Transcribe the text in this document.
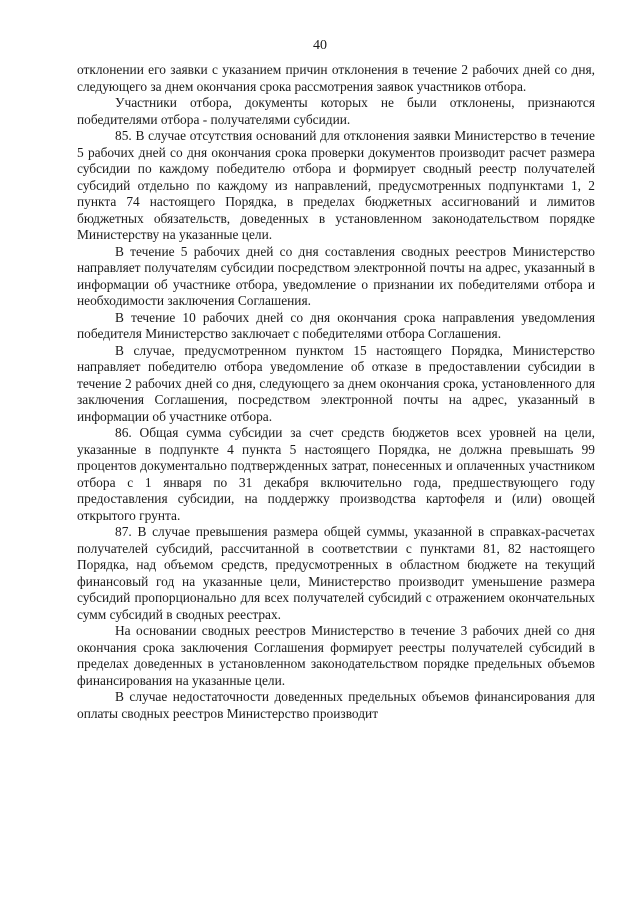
40

отклонении его заявки с указанием причин отклонения в течение 2 рабочих дней со дня, следующего за днем окончания срока рассмотрения заявок участников отбора.

Участники отбора, документы которых не были отклонены, признаются победителями отбора - получателями субсидии.

85. В случае отсутствия оснований для отклонения заявки Министерство в течение 5 рабочих дней со дня окончания срока проверки документов производит расчет размера субсидии по каждому победителю отбора и формирует сводный реестр получателей субсидий отдельно по каждому из направлений, предусмотренных подпунктами 1, 2 пункта 74 настоящего Порядка, в пределах бюджетных ассигнований и лимитов бюджетных обязательств, доведенных в установленном законодательством порядке Министерству на указанные цели.

В течение 5 рабочих дней со дня составления сводных реестров Министерство направляет получателям субсидии посредством электронной почты на адрес, указанный в информации об участнике отбора, уведомление о признании их победителями отбора и необходимости заключения Соглашения.

В течение 10 рабочих дней со дня окончания срока направления уведомления победителя Министерство заключает с победителями отбора Соглашения.

В случае, предусмотренном пунктом 15 настоящего Порядка, Министерство направляет победителю отбора уведомление об отказе в предоставлении субсидии в течение 2 рабочих дней со дня, следующего за днем окончания срока, установленного для заключения Соглашения, посредством электронной почты на адрес, указанный в информации об участнике отбора.

86. Общая сумма субсидии за счет средств бюджетов всех уровней на цели, указанные в подпункте 4 пункта 5 настоящего Порядка, не должна превышать 99 процентов документально подтвержденных затрат, понесенных и оплаченных участником отбора с 1 января по 31 декабря включительно года, предшествующего году предоставления субсидии, на поддержку производства картофеля и (или) овощей открытого грунта.

87. В случае превышения размера общей суммы, указанной в справках-расчетах получателей субсидий, рассчитанной в соответствии с пунктами 81, 82 настоящего Порядка, над объемом средств, предусмотренных в областном бюджете на текущий финансовый год на указанные цели, Министерство производит уменьшение размера субсидий пропорционально для всех получателей субсидий с отражением окончательных сумм субсидий в сводных реестрах.

На основании сводных реестров Министерство в течение 3 рабочих дней со дня окончания срока заключения Соглашения формирует реестры получателей субсидий в пределах доведенных в установленном законодательством порядке предельных объемов финансирования на указанные цели.

В случае недостаточности доведенных предельных объемов финансирования для оплаты сводных реестров Министерство производит
